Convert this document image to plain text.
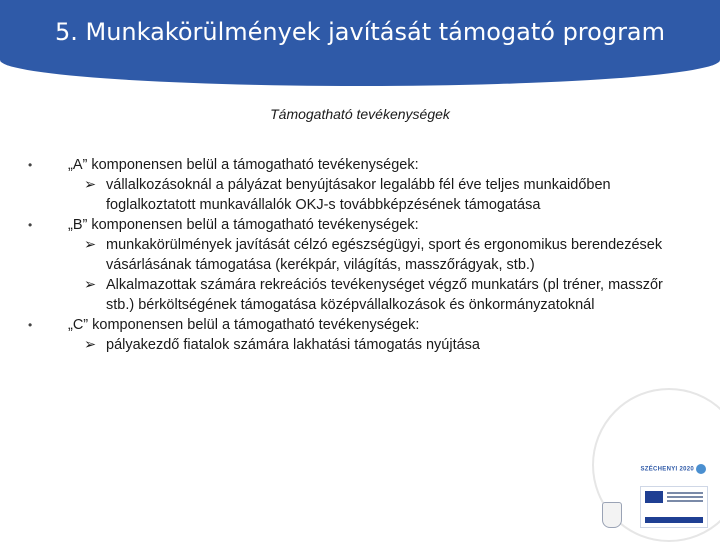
5. Munkakörülmények javítását támogató program
Támogatható tevékenységek
• „A” komponensen belül a támogatható tevékenységek:
➢ vállalkozásoknál a pályázat benyújtásakor legalább fél éve teljes munkaidőben foglalkoztatott munkavállalók OKJ-s továbbképzésének támogatása
• „B” komponensen belül a támogatható tevékenységek:
➢ munkakörülmények javítását célzó egészségügyi, sport és ergonomikus berendezések vásárlásának támogatása (kerékpár, világítás, masszőrágyak, stb.)
➢ Alkalmazottak számára rekreációs tevékenységet végző munkatárs (pl tréner, masszőr stb.) bérköltségének támogatása középvállalkozások és önkormányzatoknál
• „C” komponensen belül a támogatható tevékenységek:
➢ pályakezdő fiatalok számára lakhatási támogatás nyújtása
SZÉCHENYI 2020
